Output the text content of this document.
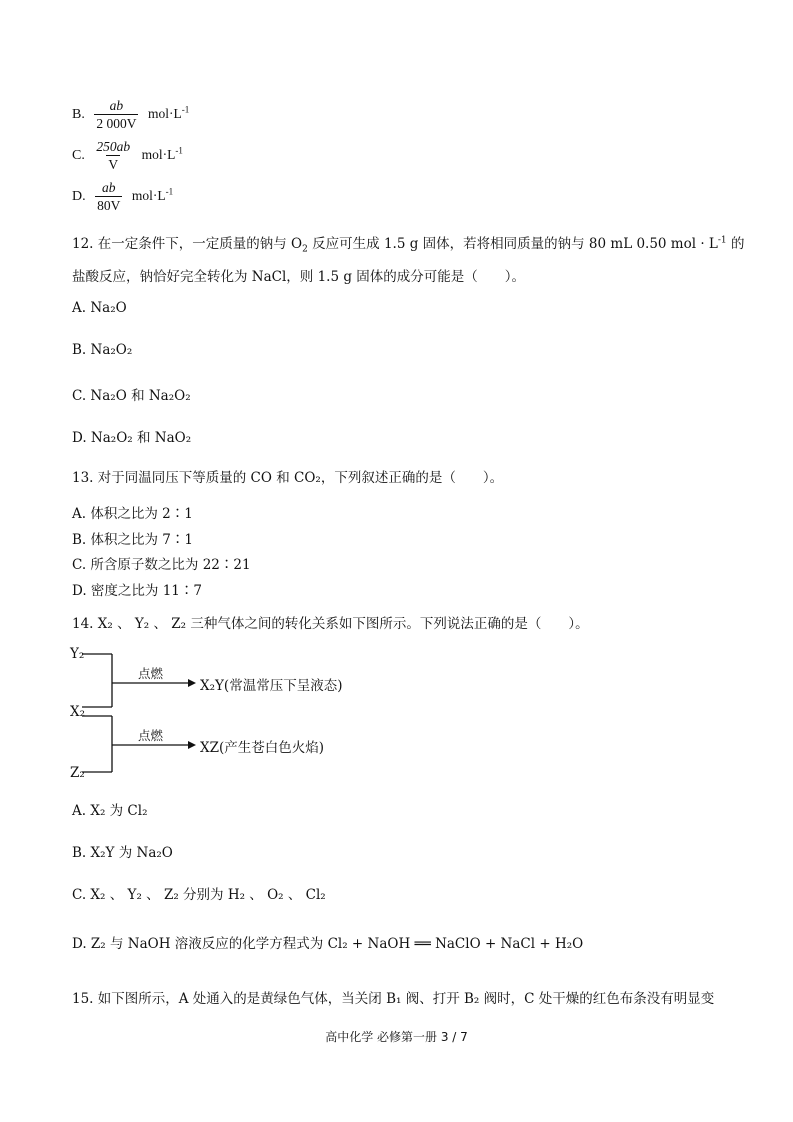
B. $\frac{ab}{2 000V} mol\cdot L^{-1}$
C. $\frac{250ab}{V} mol\cdot L^{-1}$
D. $\frac{ab}{80V} mol\cdot L^{-1}$
12. 在一定条件下，一定质量的钠与 $O_2$ 反应可生成 1.5 g 固体，若将相同质量的钠与 80 mL 0.50 mol · $L^{-1}$ 的
盐酸反应，钠恰好完全转化为 NaCl，则 1.5 g 固体的成分可能是（　　）。
A. Na₂O
B. Na₂O₂
C. Na₂O 和 Na₂O₂
D. Na₂O₂ 和 NaO₂
13. 对于同温同压下等质量的 CO 和 CO₂，下列叙述正确的是（　　）。
A. 体积之比为 2∶1
B. 体积之比为 7∶1
C. 所含原子数之比为 22∶21
D. 密度之比为 11∶7
14. X₂ 、 Y₂ 、 Z₂ 三种气体之间的转化关系如下图所示。下列说法正确的是（　　）。
Y₂
X₂
Z₂
点燃
X₂Y(常温常压下呈液态)
点燃
XZ(产生苍白色火焰)
A. X₂ 为 Cl₂
B. X₂Y 为 Na₂O
C. X₂ 、 Y₂ 、 Z₂ 分别为 H₂ 、 O₂ 、 Cl₂
D. Z₂ 与 NaOH 溶液反应的化学方程式为 Cl₂ + NaOH ══ NaClO + NaCl + H₂O
15. 如下图所示，A 处通入的是黄绿色气体，当关闭 B₁ 阀、打开 B₂ 阀时，C 处干燥的红色布条没有明显变
高中化学 必修第一册 3 / 7
